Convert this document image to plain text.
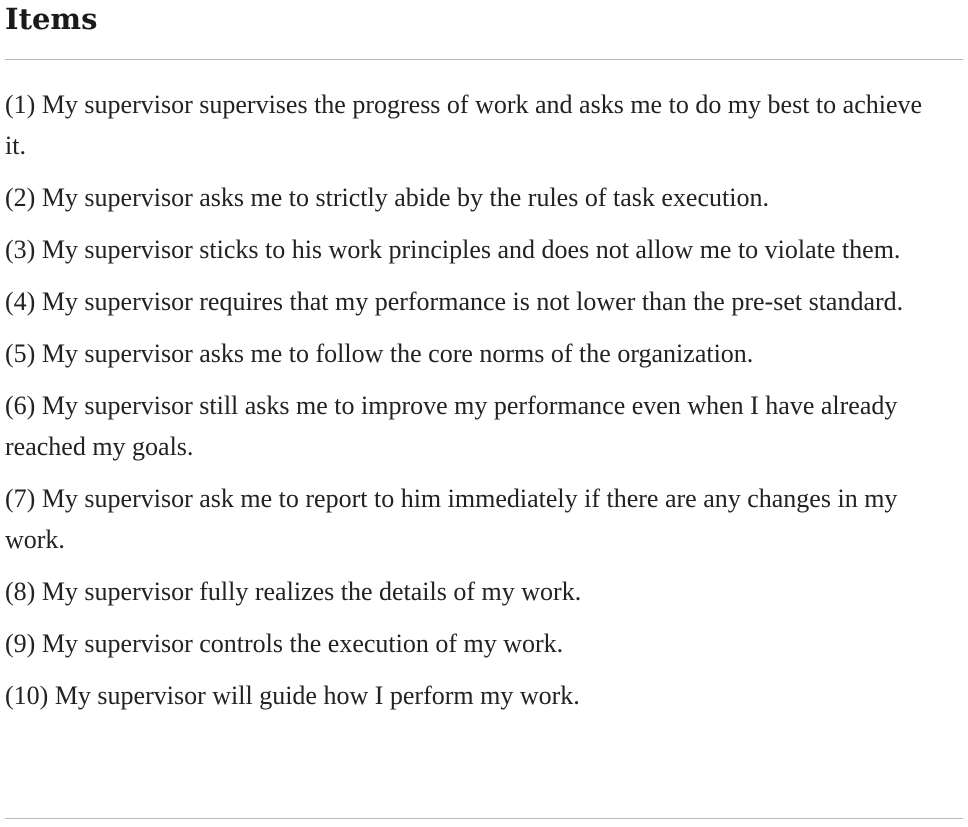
Items
(1) My supervisor supervises the progress of work and asks me to do my best to achieve it.
(2) My supervisor asks me to strictly abide by the rules of task execution.
(3) My supervisor sticks to his work principles and does not allow me to violate them.
(4) My supervisor requires that my performance is not lower than the pre-set standard.
(5) My supervisor asks me to follow the core norms of the organization.
(6) My supervisor still asks me to improve my performance even when I have already reached my goals.
(7) My supervisor ask me to report to him immediately if there are any changes in my work.
(8) My supervisor fully realizes the details of my work.
(9) My supervisor controls the execution of my work.
(10) My supervisor will guide how I perform my work.
